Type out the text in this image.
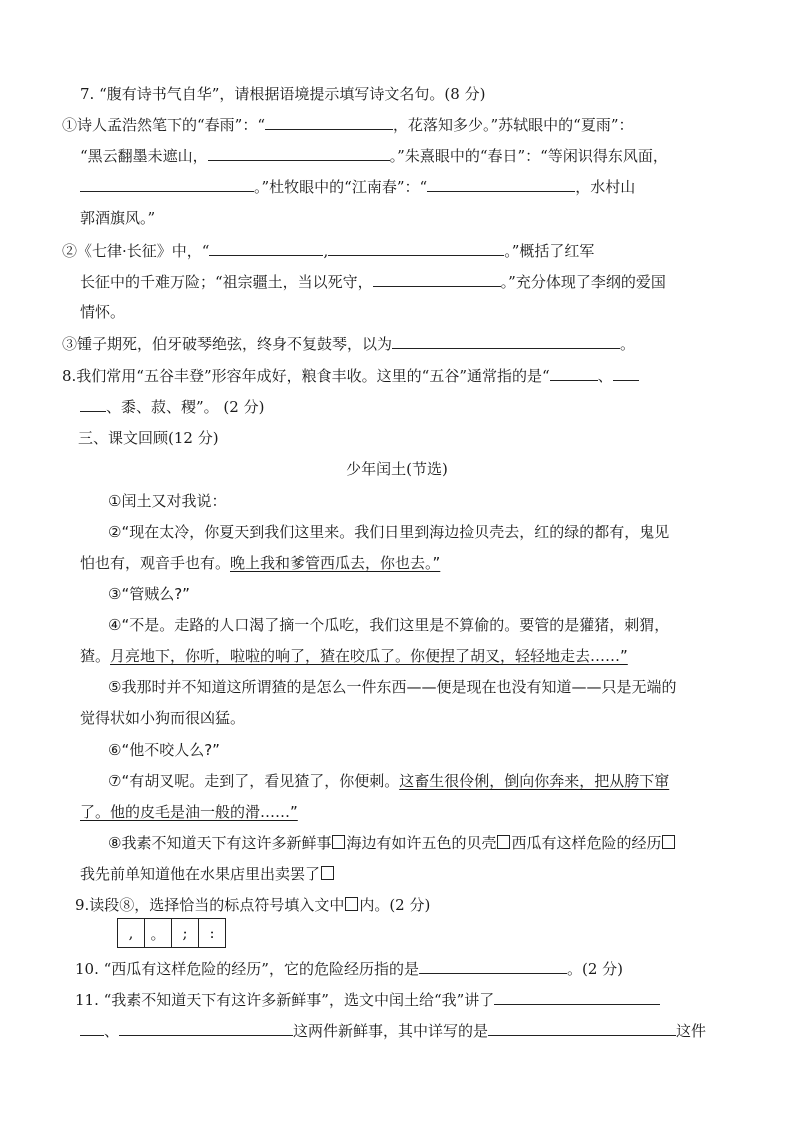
7. “腹有诗书气自华”，请根据语境提示填写诗文名句。(8 分)
①诗人孟浩然笔下的“春雨”：“	，花落知多少。”苏轼眼中的“夏雨”：
“黑云翻墨未遮山，	。”朱熹眼中的“春日”：“等闲识得东风面，
。”杜牧眼中的“江南春”：“	，水村山
郭酒旗风。”
②《七律·长征》中，“	,	。”概括了红军
长征中的千难万险；“祖宗疆土，当以死守，	。”充分体现了李纲的爱国
情怀。
③锺子期死，伯牙破琴绝弦，终身不复鼓琴，以为	。
8.我们常用“五谷丰登”形容年成好，粮食丰收。这里的“五谷”通常指的是“	、
、黍、菽、稷”。 (2 分)
三、课文回顾(12 分)
少年闰土(节选)
①闰土又对我说：
②“现在太冷，你夏天到我们这里来。我们日里到海边捡贝壳去，红的绿的都有，鬼见
怕也有，观音手也有。晚上我和爹管西瓜去，你也去。”
③“管贼么?”
④“不是。走路的人口渴了摘一个瓜吃，我们这里是不算偷的。要管的是獾猪，刺猬，
猹。月亮地下，你听，啦啦的响了，猹在咬瓜了。你便捏了胡叉，轻轻地走去……”
⑤我那时并不知道这所谓猹的是怎么一件东西——便是现在也没有知道——只是无端的
觉得状如小狗而很凶猛。
⑥“他不咬人么?”
⑦“有胡叉呢。走到了，看见猹了，你便刺。这畜生很伶俐，倒向你奔来，把从胯下窜
了。他的皮毛是油一般的滑……”
⑧我素不知道天下有这许多新鲜事 海边有如许五色的贝壳 西瓜有这样危险的经历
我先前单知道他在水果店里出卖罢了
9.读段⑧，选择恰当的标点符号填入文中 内。(2 分)
,	。	;	:
10. “西瓜有这样危险的经历”，它的危险经历指的是	。(2 分)
11. “我素不知道天下有这许多新鲜事”，选文中闰土给“我”讲了
、	这两件新鲜事，其中详写的是	这件
